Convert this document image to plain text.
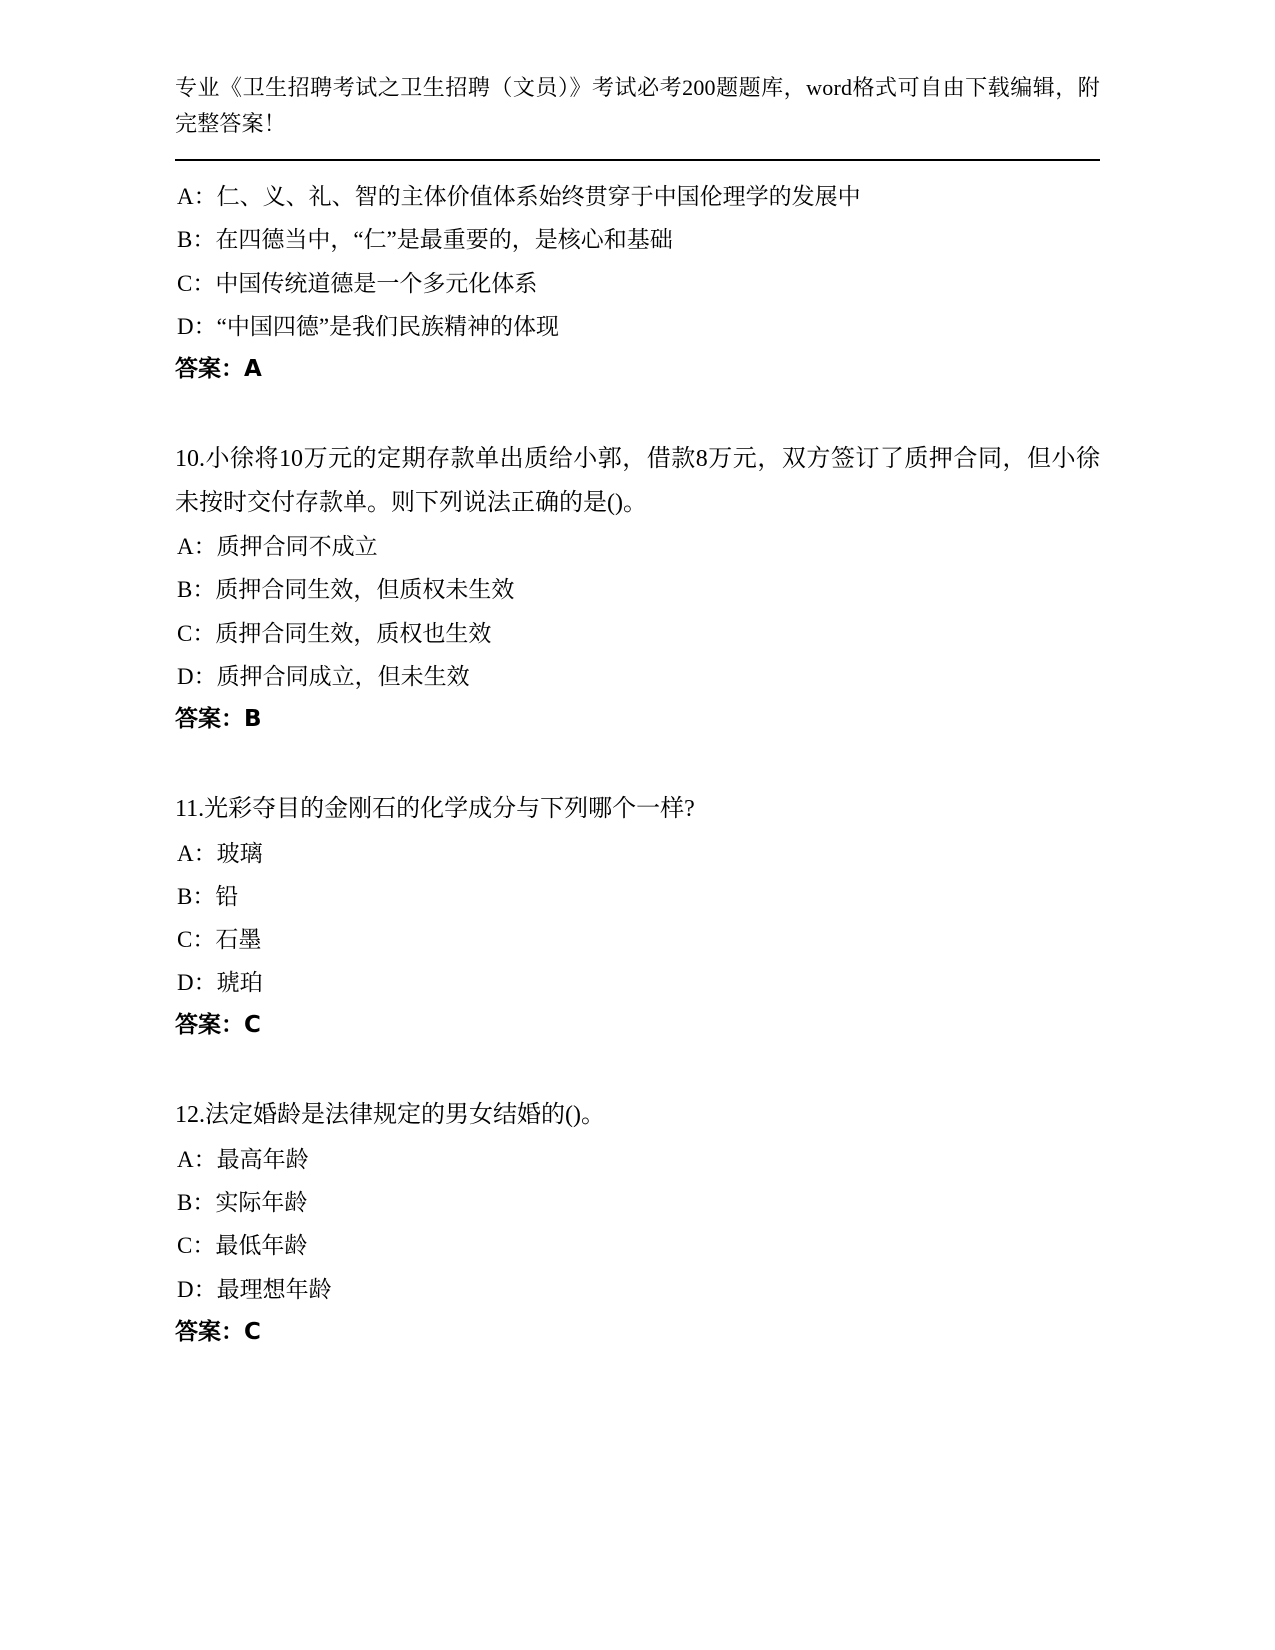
专业《卫生招聘考试之卫生招聘（文员）》考试必考200题题库，word格式可自由下载编辑，附完整答案！

A：仁、义、礼、智的主体价值体系始终贯穿于中国伦理学的发展中

B：在四德当中，“仁”是最重要的，是核心和基础

C：中国传统道德是一个多元化体系

D：“中国四德”是我们民族精神的体现

答案：A

10.小徐将10万元的定期存款单出质给小郭，借款8万元，双方签订了质押合同，但小徐未按时交付存款单。则下列说法正确的是()。

A：质押合同不成立

B：质押合同生效，但质权未生效

C：质押合同生效，质权也生效

D：质押合同成立，但未生效

答案：B

11.光彩夺目的金刚石的化学成分与下列哪个一样?

A：玻璃

B：铅

C：石墨

D：琥珀

答案：C

12.法定婚龄是法律规定的男女结婚的()。

A：最高年龄

B：实际年龄

C：最低年龄

D：最理想年龄

答案：C
